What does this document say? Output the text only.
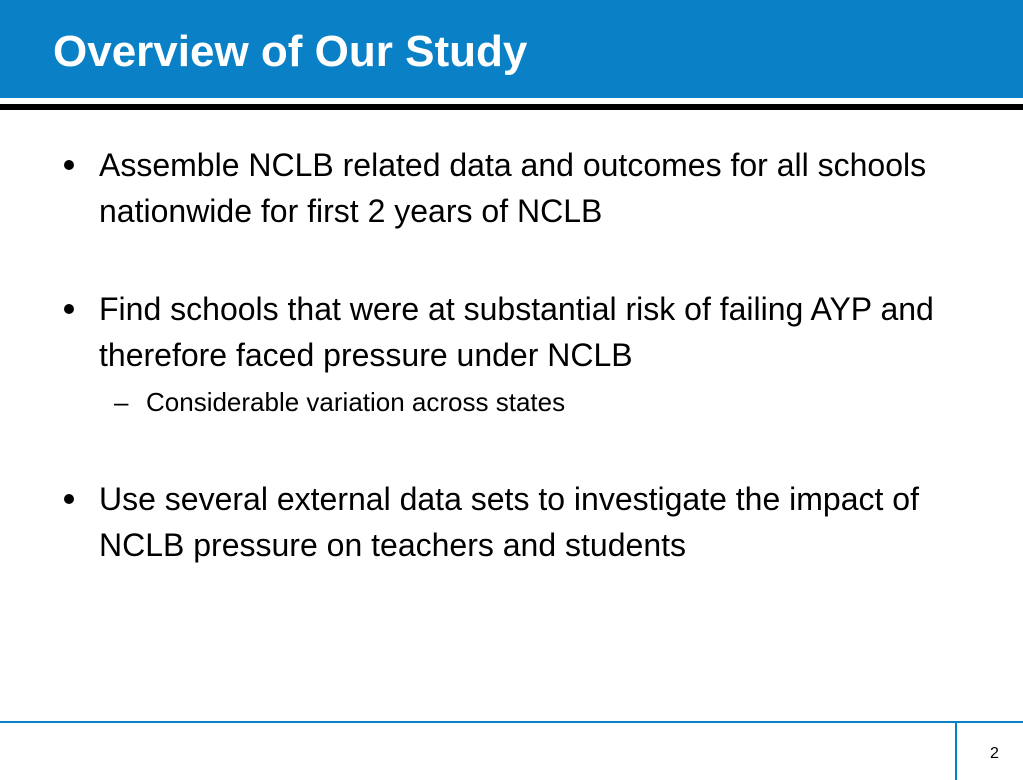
Overview of Our Study
Assemble NCLB related data and outcomes for all schools nationwide for first 2 years of NCLB
Find schools that were at substantial risk of failing AYP and therefore faced pressure under NCLB
– Considerable variation across states
Use several external data sets to investigate the impact of NCLB pressure on teachers and students
2
